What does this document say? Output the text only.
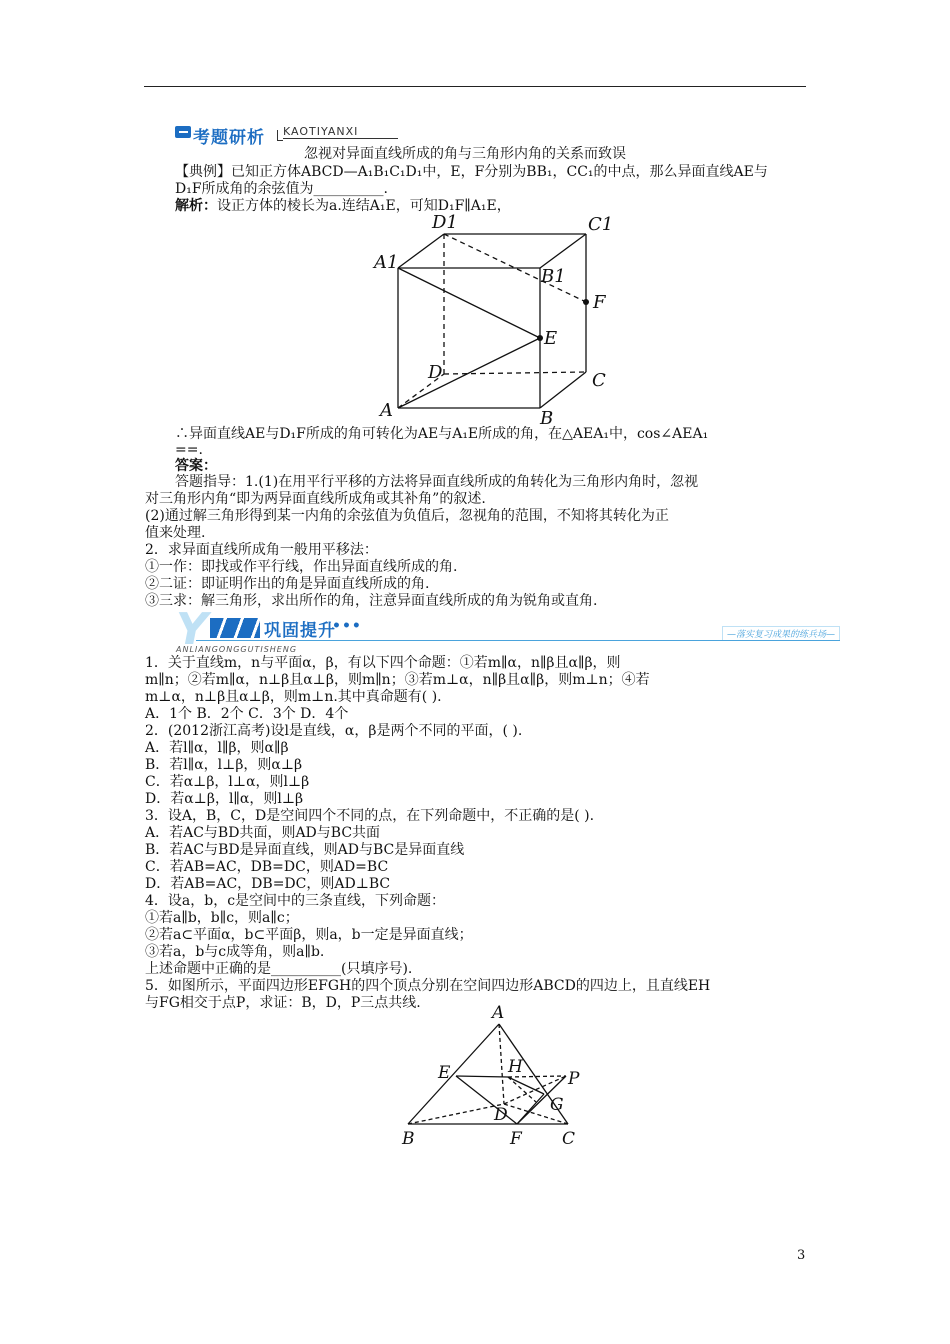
考题研析 KAOTIYANXI
忽视对异面直线所成的角与三角形内角的关系而致误
【典例】已知正方体ABCD—A₁B₁C₁D₁中，E，F分别为BB₁，CC₁的中点，那么异面直线AE与
D₁F所成角的余弦值为__________.
解析：设正方体的棱长为a.连结A₁E，可知D₁F∥A₁E，
D1	C1
A1
B1
F
E
D	C
A	B
∴异面直线AE与D₁F所成的角可转化为AE与A₁E所成的角，在△AEA₁中，cos∠AEA₁
==.
答案：
答题指导：1.(1)在用平行平移的方法将异面直线所成的角转化为三角形内角时，忽视
对三角形内角“即为两异面直线所成角或其补角”的叙述.
(2)通过解三角形得到某一内角的余弦值为负值后，忽视角的范围，不知将其转化为正
值来处理.
2．求异面直线所成角一般用平移法：
①一作：即找或作平行线，作出异面直线所成的角.
②二证：即证明作出的角是异面直线所成的角.
③三求：解三角形，求出所作的角，注意异面直线所成的角为锐角或直角.
Y	巩固提升
•••
—落实复习成果的练兵场—
ANLIANGONGGUTISHENG
1．关于直线m，n与平面α，β，有以下四个命题：①若m∥α，n∥β且α∥β，则
m∥n；②若m∥α，n⊥β且α⊥β，则m∥n；③若m⊥α，n∥β且α∥β，则m⊥n；④若
m⊥α，n⊥β且α⊥β，则m⊥n.其中真命题有( ).
A．1个 B．2个 C．3个 D．4个
2．(2012浙江高考)设l是直线，α，β是两个不同的平面，( ).
A．若l∥α，l∥β，则α∥β
B．若l∥α，l⊥β，则α⊥β
C．若α⊥β，l⊥α，则l⊥β
D．若α⊥β，l∥α，则l⊥β
3．设A，B，C，D是空间四个不同的点，在下列命题中，不正确的是( ).
A．若AC与BD共面，则AD与BC共面
B．若AC与BD是异面直线，则AD与BC是异面直线
C．若AB=AC，DB=DC，则AD=BC
D．若AB=AC，DB=DC，则AD⊥BC
4．设a，b，c是空间中的三条直线，下列命题：
①若a∥b，b∥c，则a∥c；
②若a⊂平面α，b⊂平面β，则a，b一定是异面直线；
③若a，b与c成等角，则a∥b.
上述命题中正确的是__________(只填序号).
5．如图所示，平面四边形EFGH的四个顶点分别在空间四边形ABCD的四边上，且直线EH
与FG相交于点P，求证：B，D，P三点共线.	A
E	H
P
D G
B	F C
3
